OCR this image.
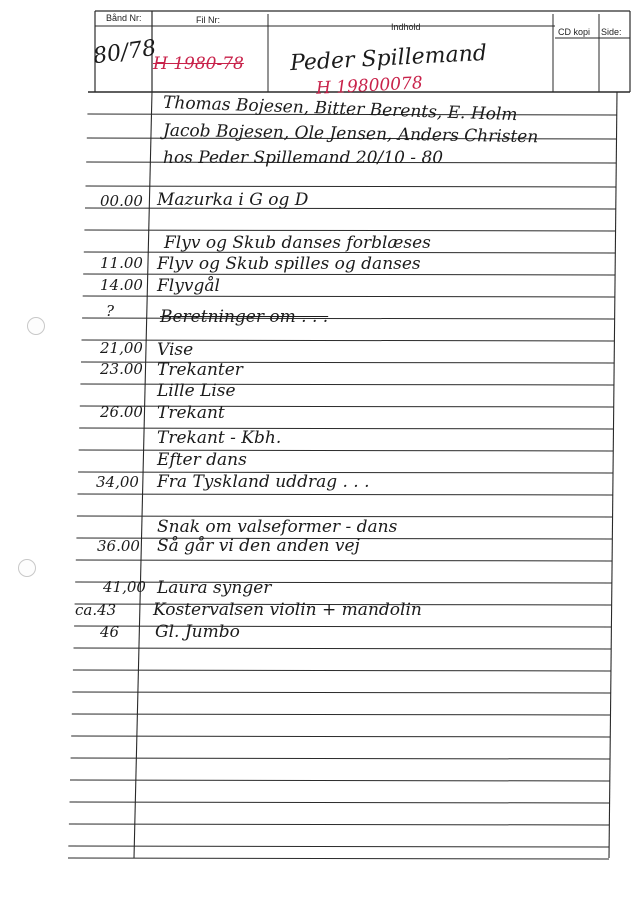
Bånd Nr:	Fil Nr:
Indhold	CD kopi Side:
80/78
H 1980-78 Peder Spillemand
H 19800078
Thomas Bojesen, Bitter Berents, E. Holm
Jacob Bojesen, Ole Jensen, Anders Christen
hos Peder Spillemand 20/10 - 80
00.00 Mazurka i G og D
Flyv og Skub danses forblæses
11.00 Flyv og Skub spilles og danses
14.00 Flyvgål
?	Beretninger om . . .
21,00 Vise
23.00 Trekanter
Lille Lise
26.00 Trekant
Trekant - Kbh.
Efter dans
34,00 Fra Tyskland uddrag . . .
Snak om valseformer - dans
36.00 Så går vi den anden vej
41,00 Laura synger
ca.43 Kostervalsen violin + mandolin
46 Gl. Jumbo
